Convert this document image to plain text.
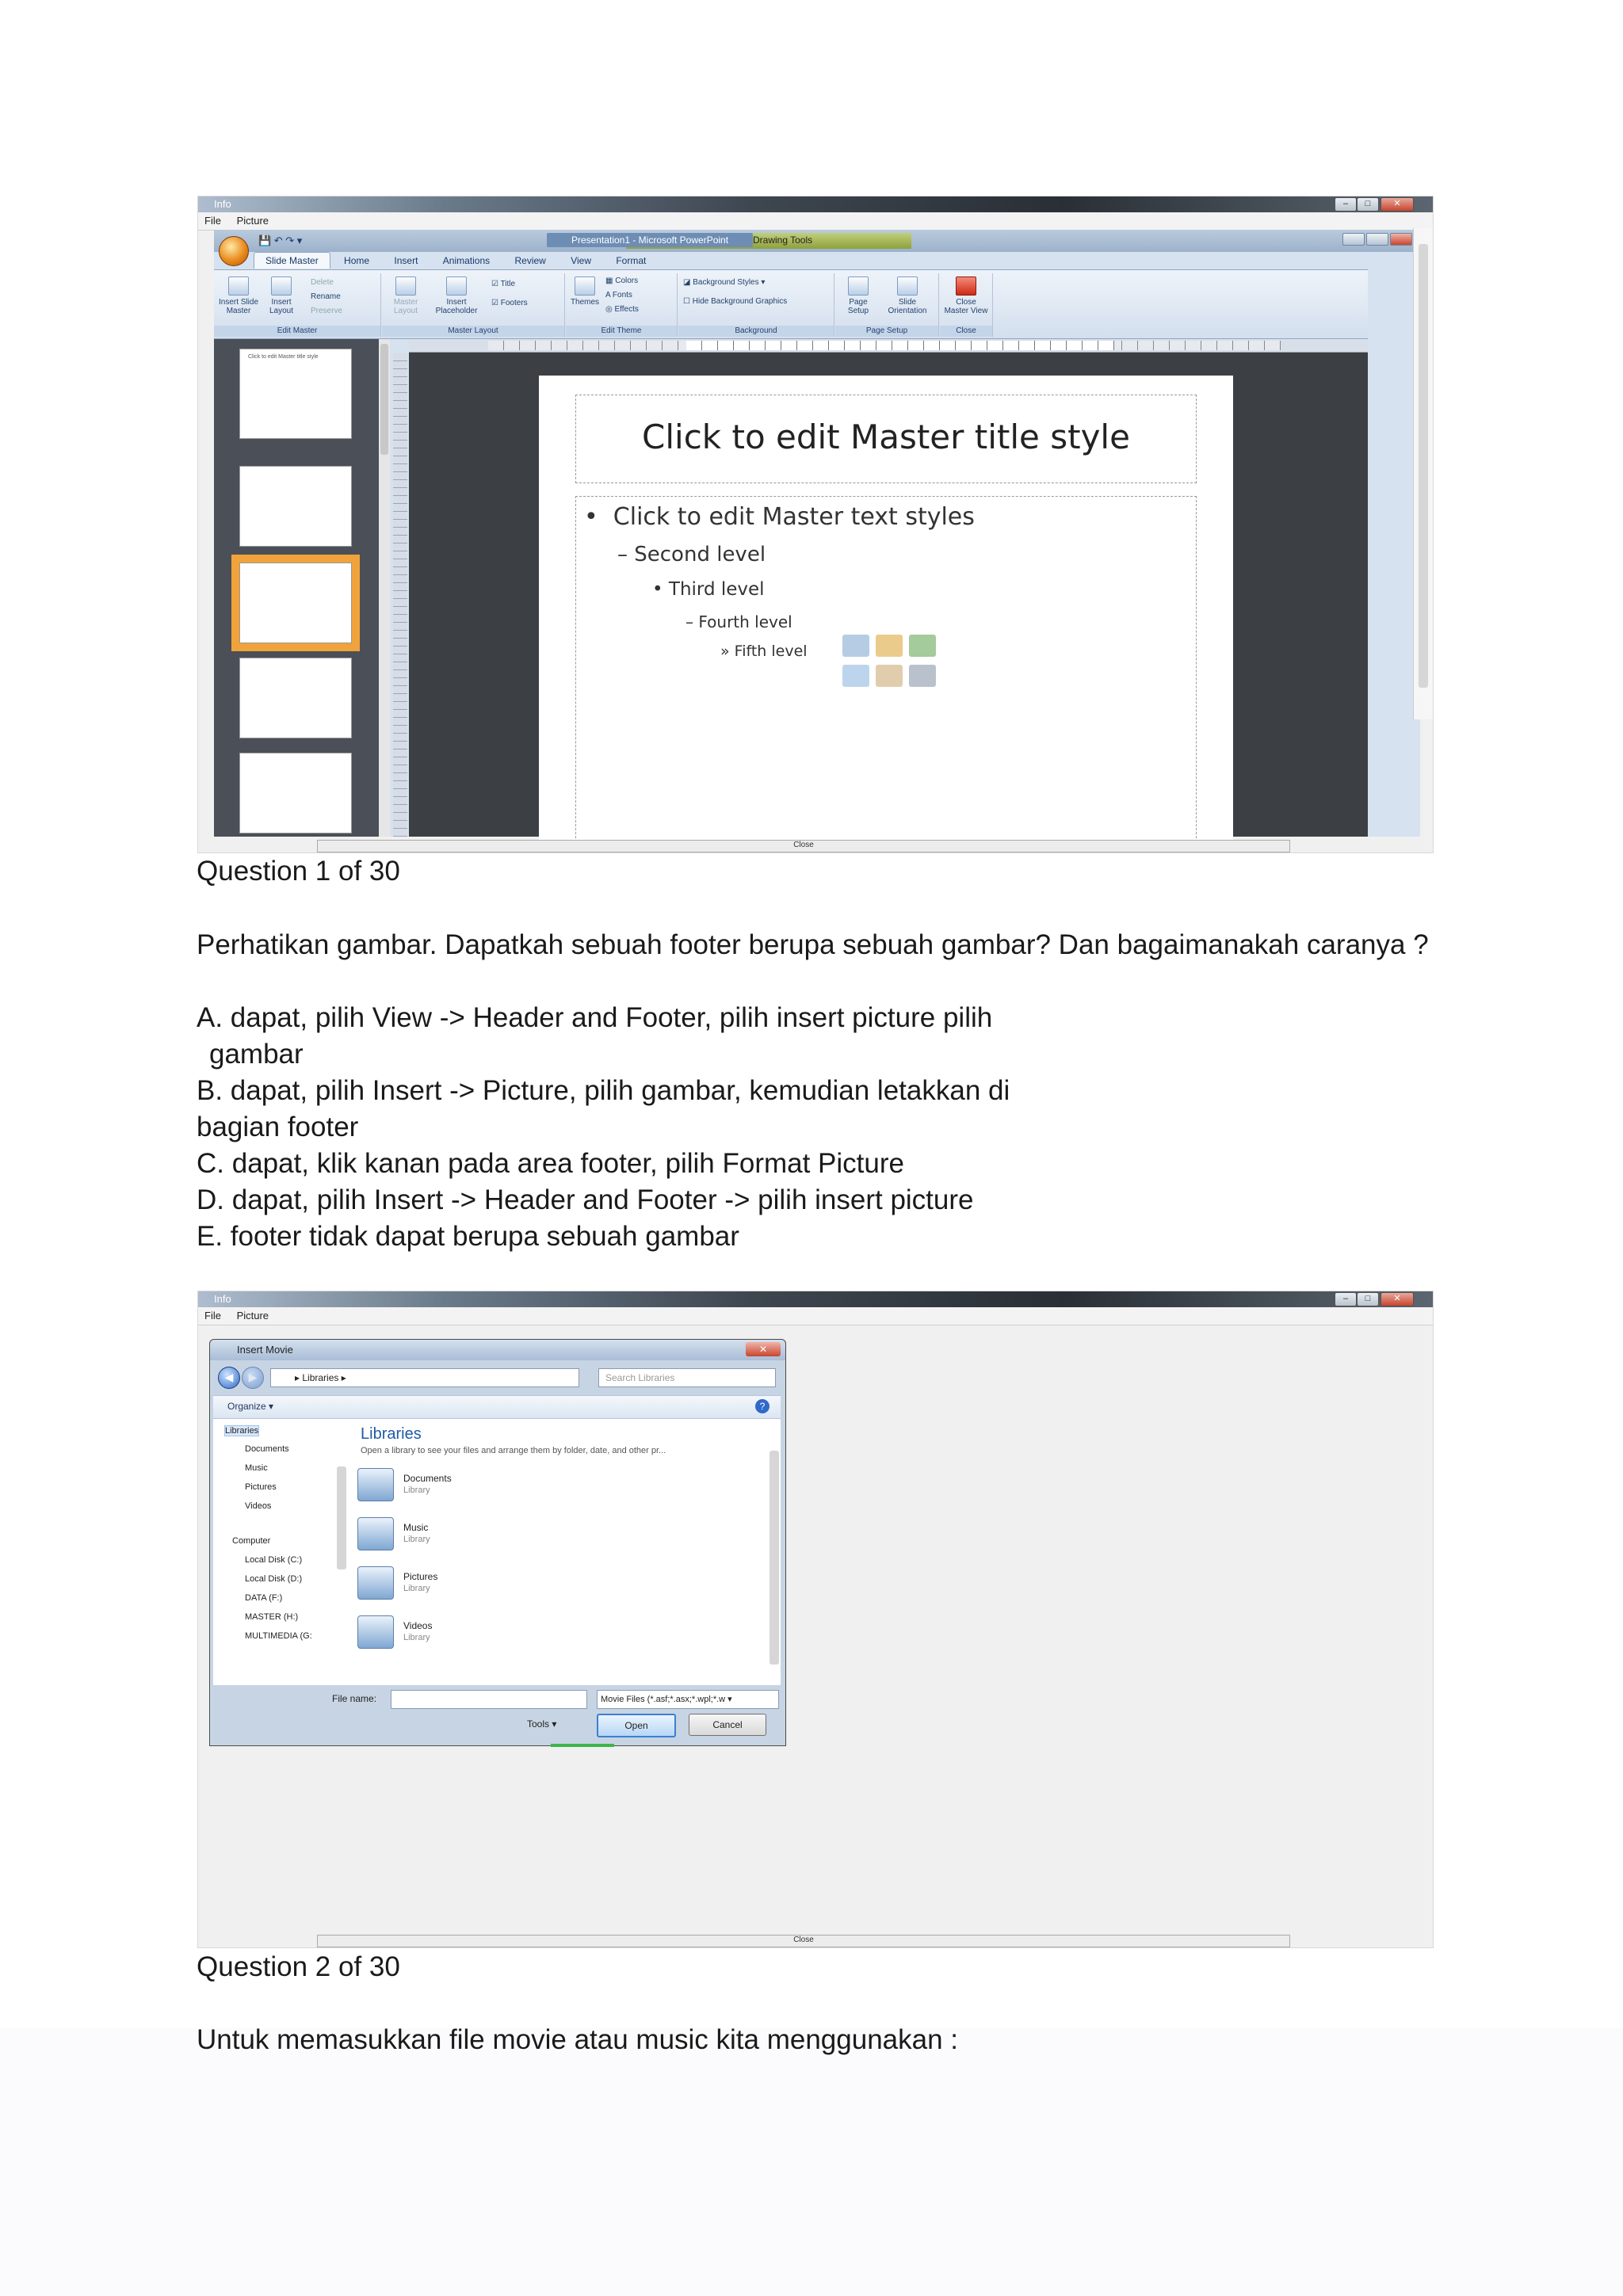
Info	–	□	✕
File Picture
💾 ↶ ↷ ▾	Drawing Tools
Presentation1 - Microsoft PowerPoint
Slide Master	Home	Insert	Animations	Review	View	Format
Insert Slide Master
Insert Layout
Delete
Rename
Preserve
Edit Master
Master Layout
Insert Placeholder
☑ Title
☑ Footers
Master Layout
Themes
▦ Colors
A Fonts
◎ Effects
Edit Theme
◪ Background Styles ▾
☐ Hide Background Graphics
Background
Page Setup
Slide Orientation
Page Setup
Close Master View
Close
Click to edit Master title style
Click to edit Master title style
•  Click to edit Master text styles
– Second level
• Third level
– Fourth level
» Fifth level
Close
Question 1 of 30
Perhatikan gambar. Dapatkah sebuah footer berupa sebuah gambar? Dan bagaimanakah caranya ?
A. dapat, pilih View -> Header and Footer, pilih insert picture pilih
gambar
B. dapat, pilih Insert -> Picture, pilih gambar, kemudian letakkan di
bagian footer
C. dapat, klik kanan pada area footer, pilih Format Picture
D. dapat, pilih Insert -> Header and Footer -> pilih insert picture
E. footer tidak dapat berupa sebuah gambar
Info	–	□	✕
File Picture
Insert Movie	✕
◀	▶	▸ Libraries ▸	Search Libraries
Organize ▾	?
Libraries
Documents
Music
Pictures
Videos
Computer
Local Disk (C:)
Local Disk (D:)
DATA (F:)
MASTER (H:)
MULTIMEDIA (G:
Libraries
Open a library to see your files and arrange them by folder, date, and other pr...
Documents
Library
Music
Library
Pictures
Library
Videos
Library
File name:	Movie Files (*.asf;*.asx;*.wpl;*.w ▾
Tools ▾	Open	Cancel
Close
Question 2 of 30
Untuk memasukkan file movie atau music kita menggunakan :
